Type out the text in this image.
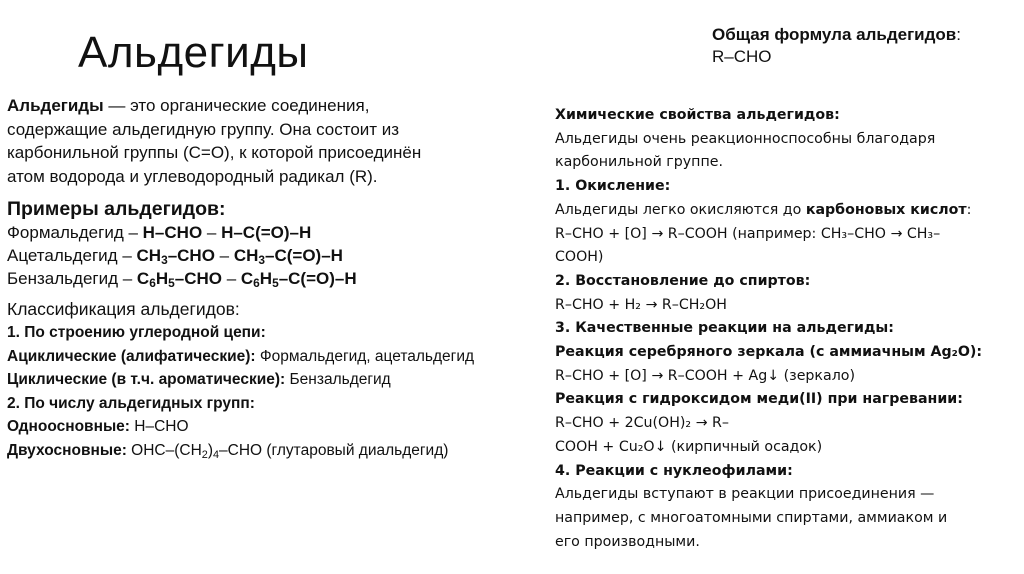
Альдегиды	Общая формула альдегидов:
R–CHO
Альдегиды — это органические соединения,
содержащие альдегидную группу. Она состоит из
карбонильной группы (C=O), к которой присоединён
атом водорода и углеводородный радикал (R).
Примеры альдегидов:
Формальдегид – H–CHO – H–C(=O)–H
Ацетальдегид – $CH_3$–CHO – $CH_3-C(=O)-H$
Бензальдегид – $C_6H_5$–CHO – $C_6H_5-C(=O)-H$
Классификация альдегидов:
1. По строению углеродной цепи:
Ациклические (алифатические): Формальдегид, ацетальдегид
Циклические (в т.ч. ароматические): Бензальдегид
2. По числу альдегидных групп:
Одноосновные: H–CHO
Двухосновные: OHC–$(CH_2)_4$–CHO (глутаровый диальдегид)
Химические свойства альдегидов:
Альдегиды очень реакционноспособны благодаря
карбонильной группе.
1. Окисление:
Альдегиды легко окисляются до карбоновых кислот:
R–CHO + [O] → R–COOH (например: CH₃–CHO → CH₃–
COOH)
2. Восстановление до спиртов:
R–CHO + H₂ → R–CH₂OH
3. Качественные реакции на альдегиды:
Реакция серебряного зеркала (с аммиачным Ag₂O):
R–CHO + [O] → R–COOH + Ag↓ (зеркало)
Реакция с гидроксидом меди(II) при нагревании:
R–CHO + 2Cu(OH)₂ → R–
COOH + Cu₂O↓ (кирпичный осадок)
4. Реакции с нуклеофилами:
Альдегиды вступают в реакции присоединения —
например, с многоатомными спиртами, аммиаком и
его производными.
